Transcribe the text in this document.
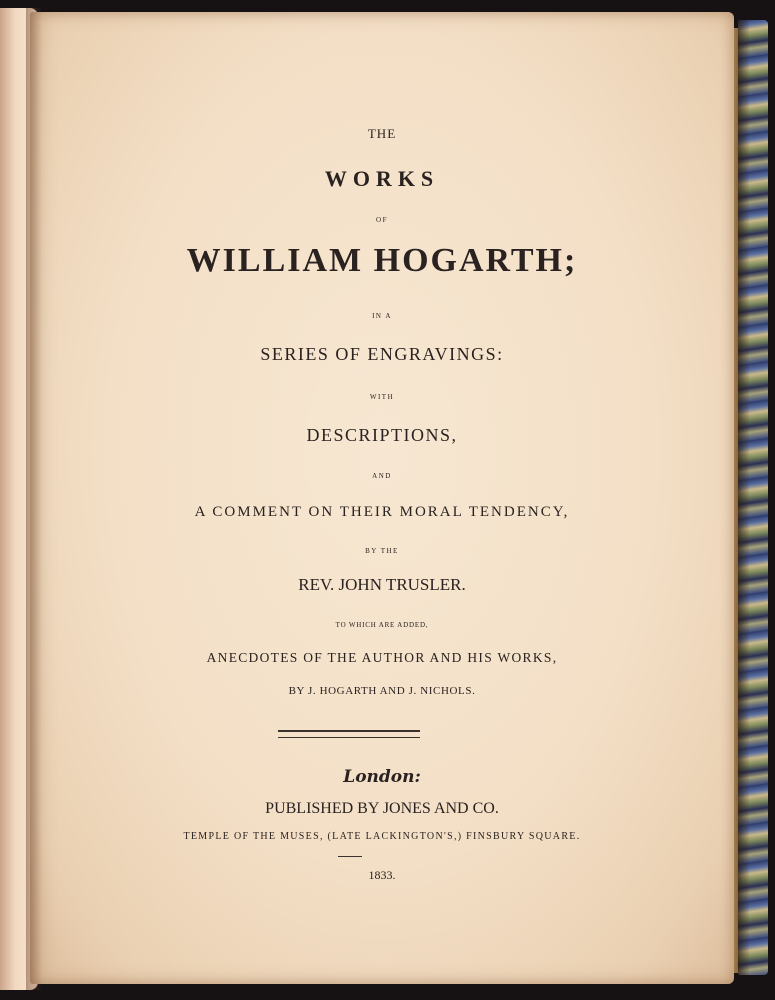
THE

WORKS

OF

WILLIAM HOGARTH;

IN A

SERIES OF ENGRAVINGS:

WITH

DESCRIPTIONS,

AND

A COMMENT ON THEIR MORAL TENDENCY,

BY THE

REV. JOHN TRUSLER.

TO WHICH ARE ADDED,

ANECDOTES OF THE AUTHOR AND HIS WORKS,

BY J. HOGARTH AND J. NICHOLS.

London:

PUBLISHED BY JONES AND CO.

TEMPLE OF THE MUSES, (LATE LACKINGTON'S,) FINSBURY SQUARE.

1833.
